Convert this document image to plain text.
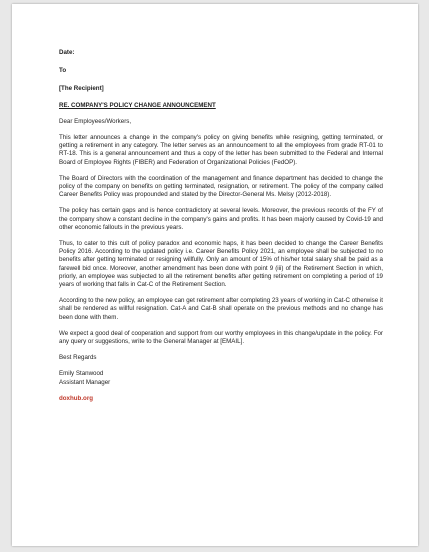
Date:

To

[The Recipient]

RE. COMPANY'S POLICY CHANGE ANNOUNCEMENT

Dear Employees/Workers,

This letter announces a change in the company's policy on giving benefits while resigning, getting terminated, or getting a retirement in any category. The letter serves as an announcement to all the employees from grade RT-01 to RT-18. This is a general announcement and thus a copy of the letter has been submitted to the Federal and Internal Board of Employee Rights (FIBER) and Federation of Organizational Policies (FedOP).

The Board of Directors with the coordination of the management and finance department has decided to change the policy of the company on benefits on getting terminated, resignation, or retirement. The policy of the company called Career Benefits Policy was propounded and stated by the Director-General Ms. Melsy (2012-2018).

The policy has certain gaps and is hence contradictory at several levels. Moreover, the previous records of the FY of the company show a constant decline in the company's gains and profits. It has been majorly caused by Covid-19 and other economic fallouts in the previous years.

Thus, to cater to this cult of policy paradox and economic haps, it has been decided to change the Career Benefits Policy 2016. According to the updated policy i.e. Career Benefits Policy 2021, an employee shall be subjected to no benefits after getting terminated or resigning willfully. Only an amount of 15% of his/her total salary shall be paid as a farewell bid once. Moreover, another amendment has been done with point 9 (iii) of the Retirement Section in which, priorly, an employee was subjected to all the retirement benefits after getting retirement on completing a period of 19 years of working that falls in Cat-C of the Retirement Section.

According to the new policy, an employee can get retirement after completing 23 years of working in Cat-C otherwise it shall be rendered as willful resignation. Cat-A and Cat-B shall operate on the previous methods and no change has been done with them.

We expect a good deal of cooperation and support from our worthy employees in this change/update in the policy. For any query or suggestions, write to the General Manager at [EMAIL].

Best Regards

Emily Stanwood

Assistant Manager

doxhub.org
